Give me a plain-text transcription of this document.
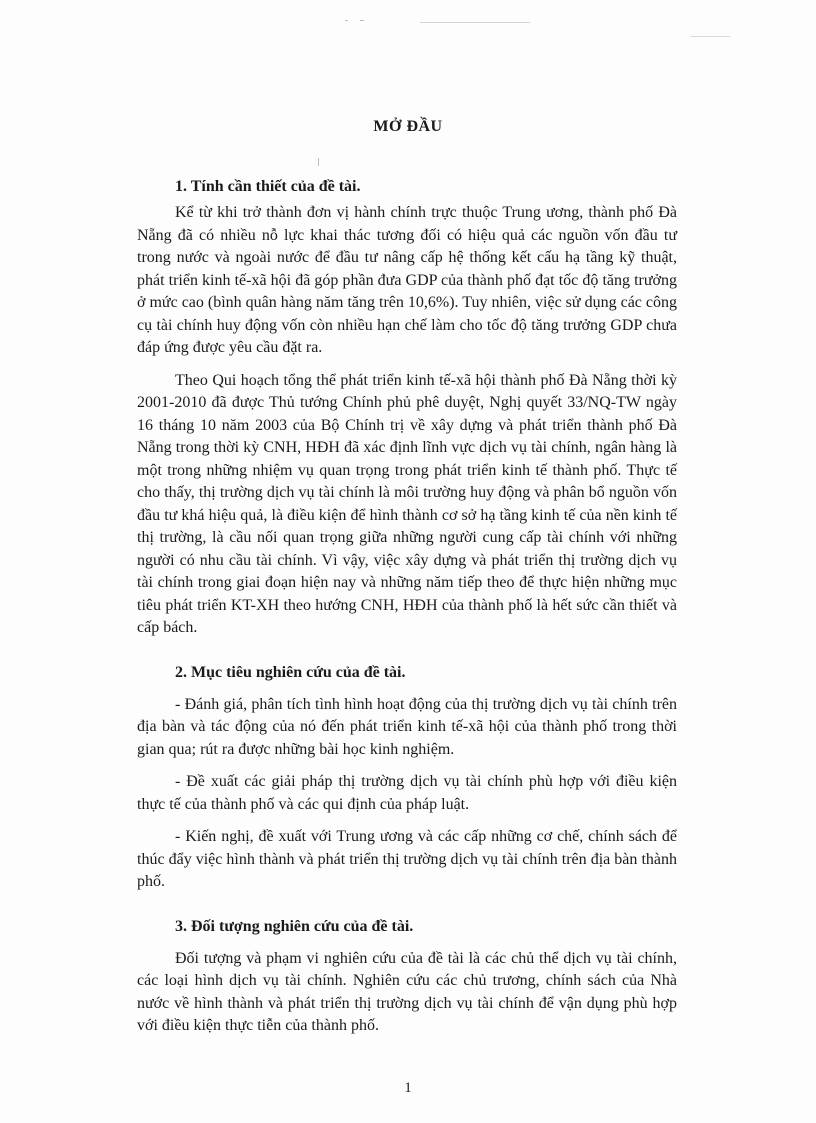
MỞ ĐẦU
1. Tính cần thiết của đề tài.

Kể từ khi trở thành đơn vị hành chính trực thuộc Trung ương, thành phố Đà Nẵng đã có nhiều nỗ lực khai thác tương đối có hiệu quả các nguồn vốn đầu tư trong nước và ngoài nước để đầu tư nâng cấp hệ thống kết cấu hạ tầng kỹ thuật, phát triển kinh tế-xã hội đã góp phần đưa GDP của thành phố đạt tốc độ tăng trưởng ở mức cao (bình quân hàng năm tăng trên 10,6%). Tuy nhiên, việc sử dụng các công cụ tài chính huy động vốn còn nhiều hạn chế làm cho tốc độ tăng trưởng GDP chưa đáp ứng được yêu cầu đặt ra.

Theo Qui hoạch tổng thể phát triển kinh tế-xã hội thành phố Đà Nẵng thời kỳ 2001-2010 đã được Thủ tướng Chính phủ phê duyệt, Nghị quyết 33/NQ-TW ngày 16 tháng 10 năm 2003 của Bộ Chính trị về xây dựng và phát triển thành phố Đà Nẵng trong thời kỳ CNH, HĐH đã xác định lĩnh vực dịch vụ tài chính, ngân hàng là một trong những nhiệm vụ quan trọng trong phát triển kinh tế thành phố. Thực tế cho thấy, thị trường dịch vụ tài chính là môi trường huy động và phân bổ nguồn vốn đầu tư khá hiệu quả, là điều kiện để hình thành cơ sở hạ tầng kinh tế của nền kinh tế thị trường, là cầu nối quan trọng giữa những người cung cấp tài chính với những người có nhu cầu tài chính. Vì vậy, việc xây dựng và phát triển thị trường dịch vụ tài chính trong giai đoạn hiện nay và những năm tiếp theo để thực hiện những mục tiêu phát triển KT-XH theo hướng CNH, HĐH của thành phố là hết sức cần thiết và cấp bách.

2. Mục tiêu nghiên cứu của đề tài.

- Đánh giá, phân tích tình hình hoạt động của thị trường dịch vụ tài chính trên địa bàn và tác động của nó đến phát triển kinh tế-xã hội của thành phố trong thời gian qua; rút ra được những bài học kinh nghiệm.

- Đề xuất các giải pháp thị trường dịch vụ tài chính phù hợp với điều kiện thực tế của thành phố và các qui định của pháp luật.

- Kiến nghị, đề xuất với Trung ương và các cấp những cơ chế, chính sách để thúc đẩy việc hình thành và phát triển thị trường dịch vụ tài chính trên địa bàn thành phố.

3. Đối tượng nghiên cứu của đề tài.

Đối tượng và phạm vi nghiên cứu của đề tài là các chủ thể dịch vụ tài chính, các loại hình dịch vụ tài chính. Nghiên cứu các chủ trương, chính sách của Nhà nước về hình thành và phát triển thị trường dịch vụ tài chính để vận dụng phù hợp với điều kiện thực tiễn của thành phố.

1
